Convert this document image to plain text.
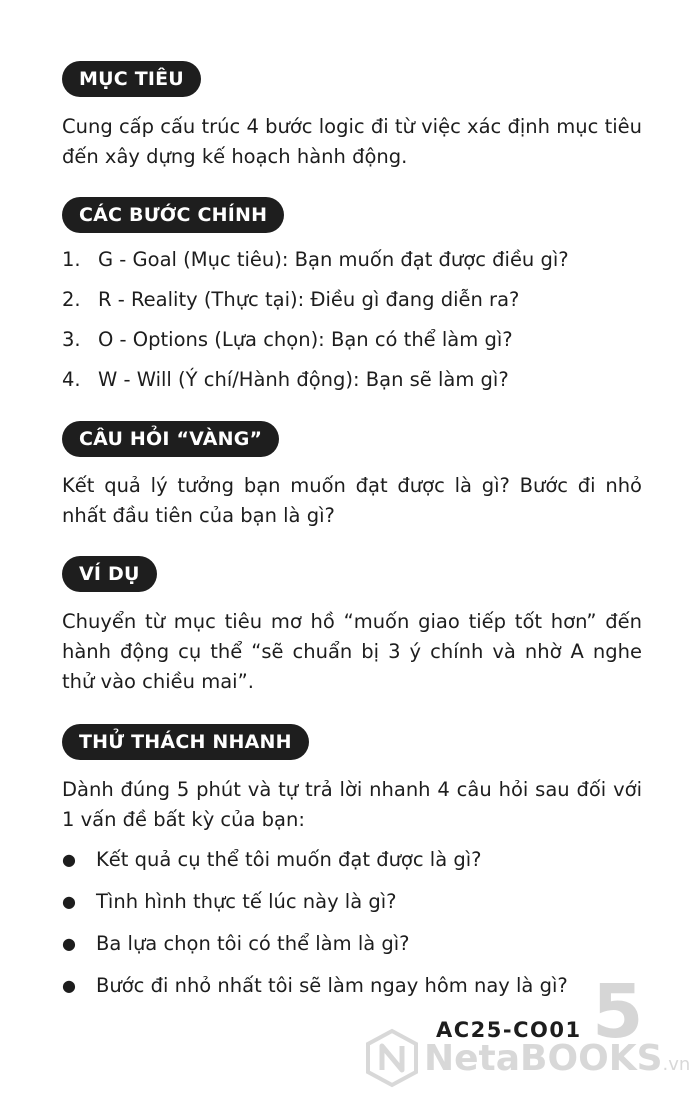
MỤC TIÊU

Cung cấp cấu trúc 4 bước logic đi từ việc xác định mục tiêu đến xây dựng kế hoạch hành động.

CÁC BƯỚC CHÍNH
1. G - Goal (Mục tiêu): Bạn muốn đạt được điều gì?
2. R - Reality (Thực tại): Điều gì đang diễn ra?
3. O - Options (Lựa chọn): Bạn có thể làm gì?
4. W - Will (Ý chí/Hành động): Bạn sẽ làm gì?
CÂU HỎI “VÀNG”

Kết quả lý tưởng bạn muốn đạt được là gì? Bước đi nhỏ nhất đầu tiên của bạn là gì?

VÍ DỤ

Chuyển từ mục tiêu mơ hồ “muốn giao tiếp tốt hơn” đến hành động cụ thể “sẽ chuẩn bị 3 ý chính và nhờ A nghe thử vào chiều mai”.

THỬ THÁCH NHANH

Dành đúng 5 phút và tự trả lời nhanh 4 câu hỏi sau đối với 1 vấn đề bất kỳ của bạn:

●	Kết quả cụ thể tôi muốn đạt được là gì?
●	Tình hình thực tế lúc này là gì?
●	Ba lựa chọn tôi có thể làm là gì?
●	Bước đi nhỏ nhất tôi sẽ làm ngay hôm nay là gì? 5
AC25-CO01
NetaBOOKS.vn
